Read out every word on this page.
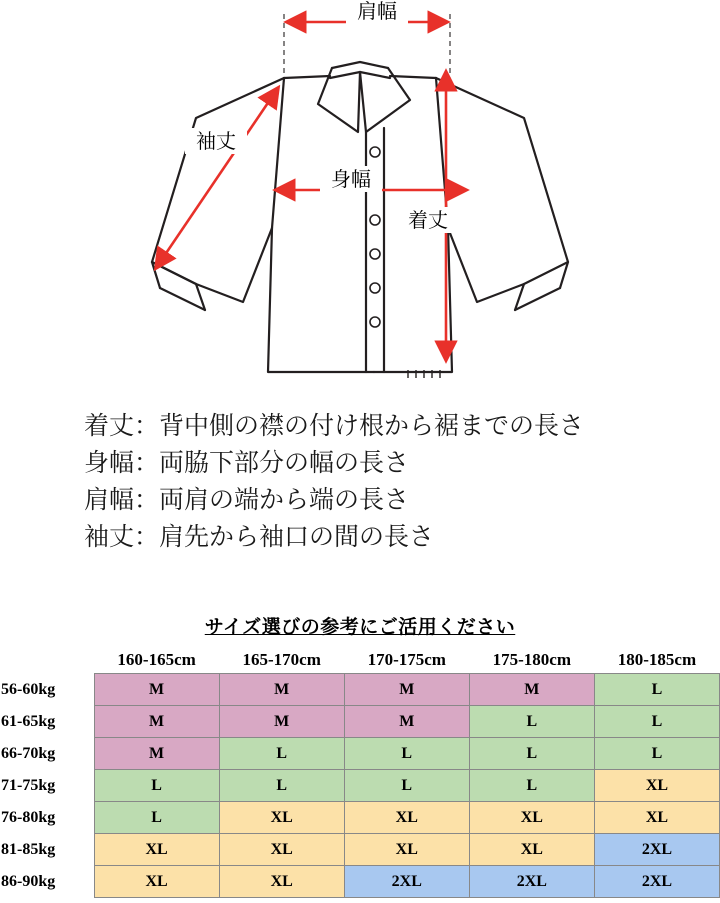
肩幅
袖丈
身幅
着丈
着丈：背中側の襟の付け根から裾までの長さ
身幅：両脇下部分の幅の長さ
肩幅：両肩の端から端の長さ
袖丈：肩先から袖口の間の長さ
サイズ選びの参考にご活用ください
	160-165cm	165-170cm	170-175cm	175-180cm	180-185cm
56-60kg	M	M	M	M	L
61-65kg	M	M	M	L	L
66-70kg	M	L	L	L	L
71-75kg	L	L	L	L	XL
76-80kg	L	XL	XL	XL	XL
81-85kg	XL	XL	XL	XL	2XL
86-90kg	XL	XL	2XL	2XL	2XL
